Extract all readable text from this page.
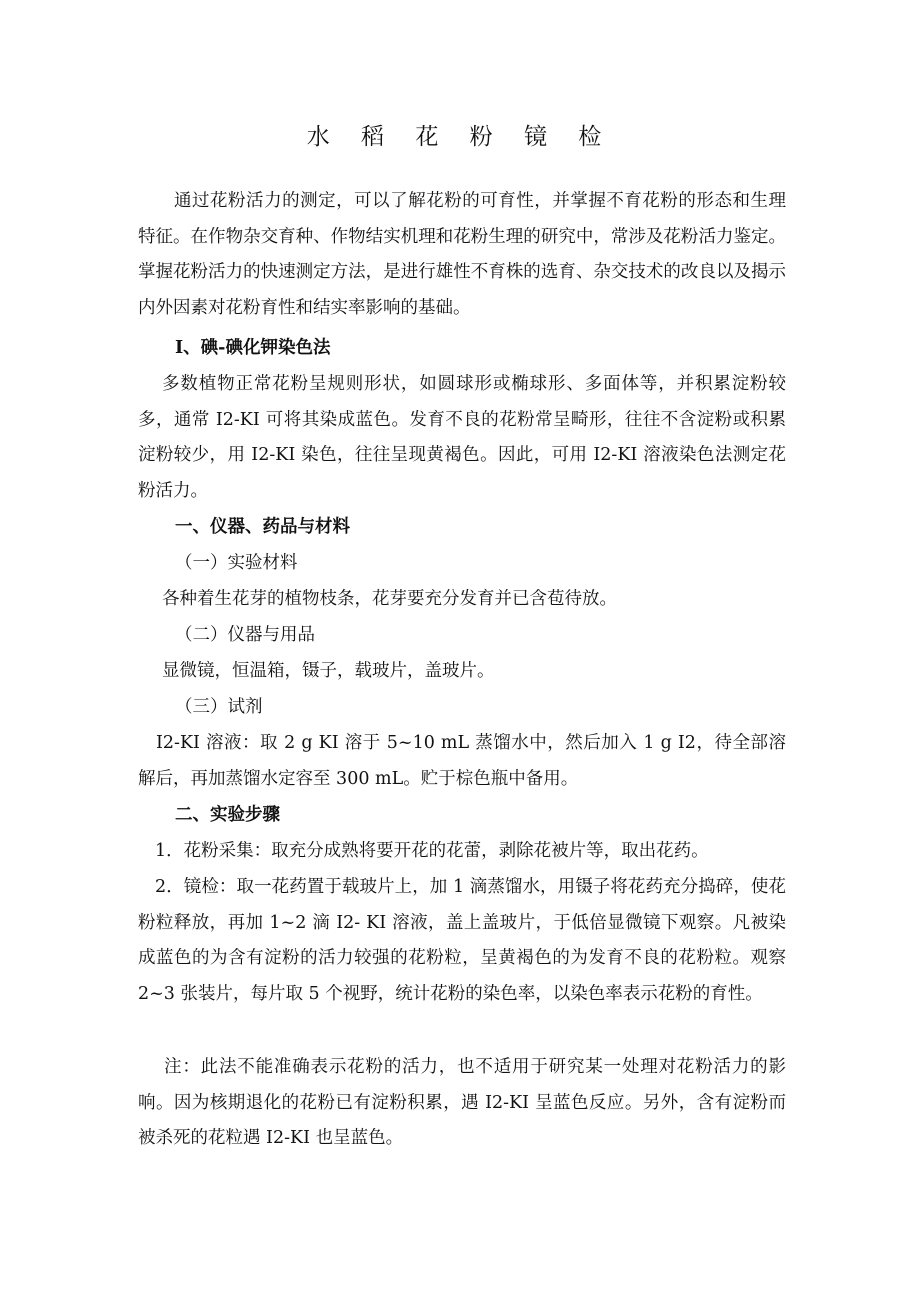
水 稻 花 粉 镜 检

通过花粉活力的测定，可以了解花粉的可育性，并掌握不育花粉的形态和生理特征。在作物杂交育种、作物结实机理和花粉生理的研究中，常涉及花粉活力鉴定。掌握花粉活力的快速测定方法，是进行雄性不育株的选育、杂交技术的改良以及揭示内外因素对花粉育性和结实率影响的基础。

Ⅰ、碘-碘化钾染色法

多数植物正常花粉呈规则形状，如圆球形或椭球形、多面体等，并积累淀粉较多，通常 I2-KI 可将其染成蓝色。发育不良的花粉常呈畸形，往往不含淀粉或积累淀粉较少，用 I2-KI 染色，往往呈现黄褐色。因此，可用 I2-KI 溶液染色法测定花粉活力。

一、仪器、药品与材料

（一）实验材料

各种着生花芽的植物枝条，花芽要充分发育并已含苞待放。

（二）仪器与用品

显微镜，恒温箱，镊子，载玻片，盖玻片。

（三）试剂

I2-KI 溶液：取 2 g KI 溶于 5~10 mL 蒸馏水中，然后加入 1 g I2，待全部溶解后，再加蒸馏水定容至 300 mL。贮于棕色瓶中备用。

二、实验步骤

1．花粉采集：取充分成熟将要开花的花蕾，剥除花被片等，取出花药。

2．镜检：取一花药置于载玻片上，加 1 滴蒸馏水，用镊子将花药充分捣碎，使花粉粒释放，再加 1~2 滴 I2- KI 溶液，盖上盖玻片，于低倍显微镜下观察。凡被染成蓝色的为含有淀粉的活力较强的花粉粒，呈黄褐色的为发育不良的花粉粒。观察 2~3 张装片，每片取 5 个视野，统计花粉的染色率，以染色率表示花粉的育性。

注：此法不能准确表示花粉的活力，也不适用于研究某一处理对花粉活力的影响。因为核期退化的花粉已有淀粉积累，遇 I2-KI 呈蓝色反应。另外，含有淀粉而被杀死的花粒遇 I2-KI 也呈蓝色。
